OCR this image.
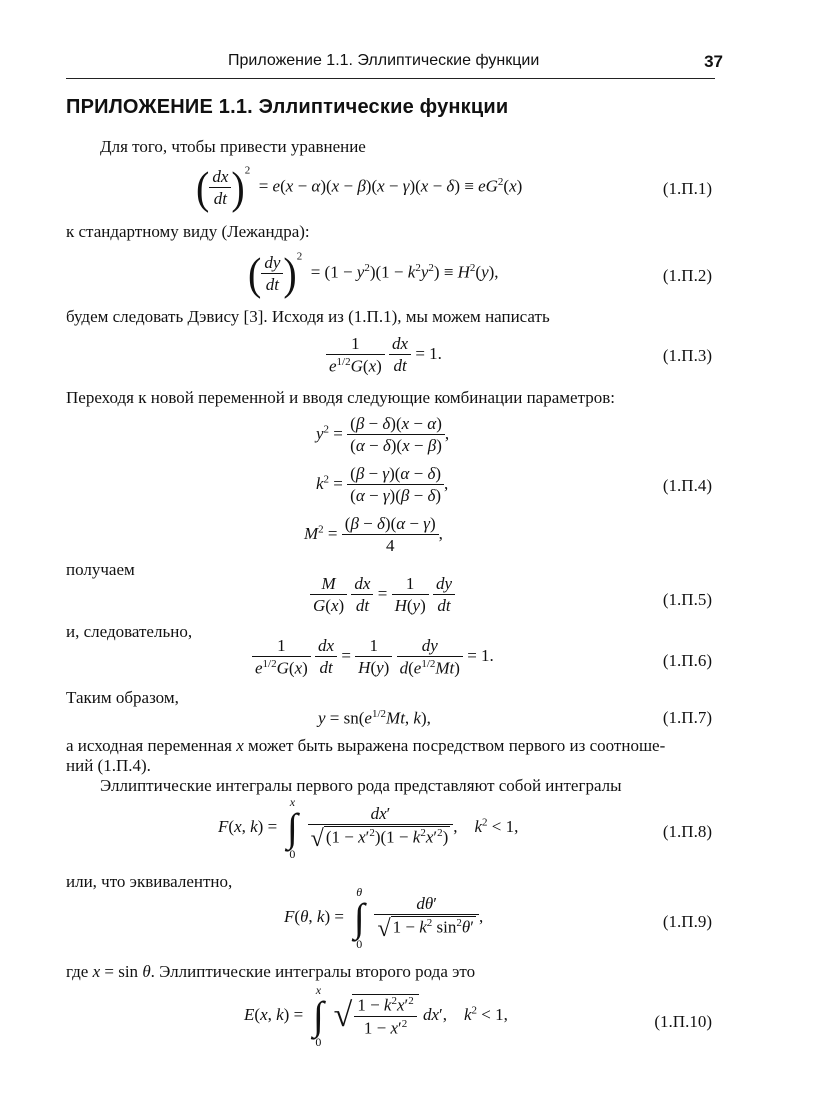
Приложение 1.1. Эллиптические функции	37
ПРИЛОЖЕНИЕ 1.1. Эллиптические функции
Для того, чтобы привести уравнение
( $\frac{dx}{dt} )^2 = e(x - \alpha)(x - \beta)(x - \gamma)(x - \delta) \equiv eG^2(x)$	(1.П.1)
к стандартному виду (Лежандра):
( $\frac{dy}{dt} )^2 = (1 - y^2)(1 - k^2y^2) \equiv H^2(y)$,	(1.П.2)
будем следовать Дэвису [3]. Исходя из (1.П.1), мы можем написать
$\frac{1}{e^{1/2}G(x)}$
$\frac{dx}{dt} = 1$.	(1.П.3)
Переходя к новой переменной и вводя следующие комбинации параметров:
$y^2 = \frac{(\beta - \delta)(x - \alpha)}{(\alpha - \delta)(x - \beta)}$ ,
$k^2 = \frac{(\beta - \gamma)(\alpha - \delta)}{(\alpha - \gamma)(\beta - \delta)}$ ,
$M^2 = \frac{(\beta - \delta)(\alpha - \gamma)}{4}$ ,
(1.П.4)
получаем
$\frac{M}{G(x)}$
$\frac{dx}{dt} = \frac{1}{H(y)}$
$\frac{dy}{dt}$	(1.П.5)
и, следовательно,
$\frac{1}{e^{1/2}G(x)}$
$\frac{dx}{dt} = \frac{1}{H(y)}$
$\frac{dy}{d(e^{1/2}Mt)} = 1$.	(1.П.6)
Таким образом,
$y = sn(e^{1/2}Mt$, k),	(1.П.7)
а исходная переменная x может быть выражена посредством первого из соотноше-
ний (1.П.4).
Эллиптические интегралы первого рода представляют собой интегралы
F(x, k) =
x
∫
0

$\frac{dx'}{√ (1 - x'^2)(1 - k^2x'^2)}$ ,    $k^2 < 1$,	(1.П.8)
или, что эквивалентно,
F(θ, k) =
θ
∫
0

$\frac{d\theta'}{√ 1 - k^2 \sin^2\theta'}$ ,	(1.П.9)
где x = sin θ. Эллиптические интегралы второго рода это
E(x, k) =
x
∫
0
√ $\frac{1 - k^2x'^2}{1 - x'^2} dx'$,    $k^2 < 1$,	(1.П.10)
